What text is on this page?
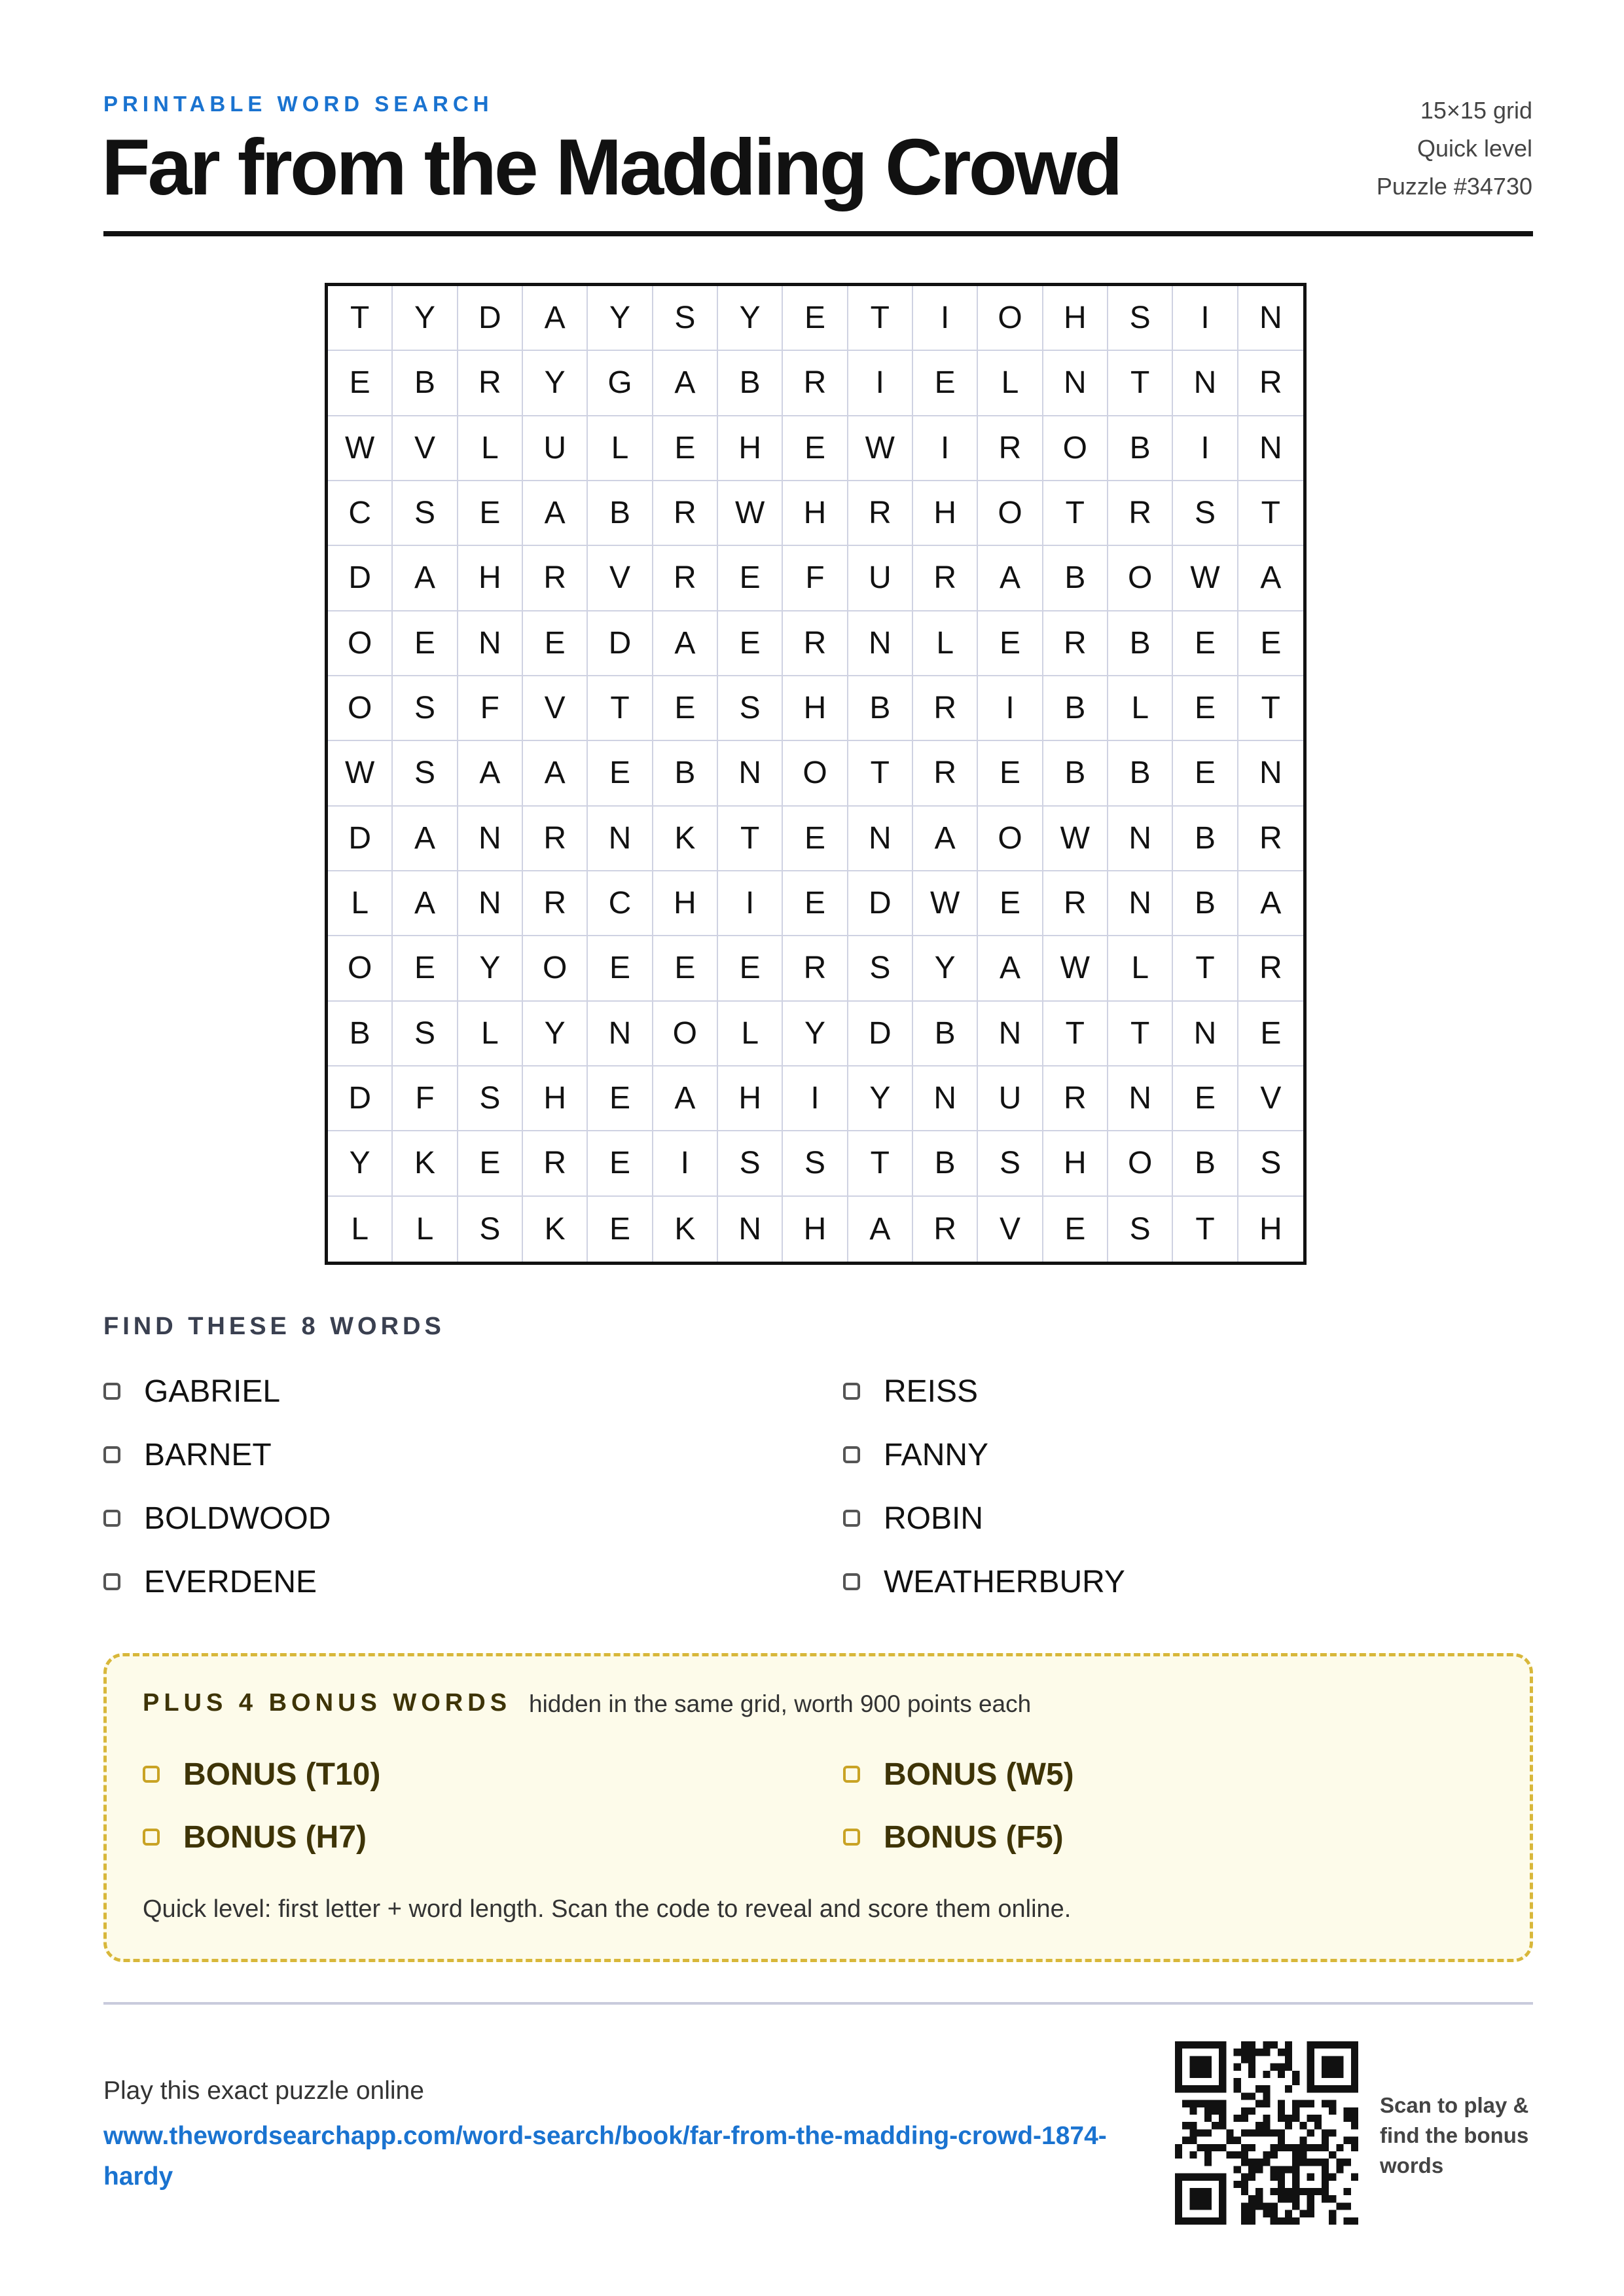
PRINTABLE WORD SEARCH
Far from the Madding Crowd
15×15 grid
Quick level
Puzzle #34730
T	Y	D	A	Y	S	Y	E	T	I	O	H	S	I	N
E	B	R	Y	G	A	B	R	I	E	L	N	T	N	R
W	V	L	U	L	E	H	E	W	I	R	O	B	I	N
C	S	E	A	B	R	W	H	R	H	O	T	R	S	T
D	A	H	R	V	R	E	F	U	R	A	B	O	W	A
O	E	N	E	D	A	E	R	N	L	E	R	B	E	E
O	S	F	V	T	E	S	H	B	R	I	B	L	E	T
W	S	A	A	E	B	N	O	T	R	E	B	B	E	N
D	A	N	R	N	K	T	E	N	A	O	W	N	B	R
L	A	N	R	C	H	I	E	D	W	E	R	N	B	A
O	E	Y	O	E	E	E	R	S	Y	A	W	L	T	R
B	S	L	Y	N	O	L	Y	D	B	N	T	T	N	E
D	F	S	H	E	A	H	I	Y	N	U	R	N	E	V
Y	K	E	R	E	I	S	S	T	B	S	H	O	B	S
L	L	S	K	E	K	N	H	A	R	V	E	S	T	H
FIND THESE 8 WORDS
GABRIEL	REISS
BARNET	FANNY
BOLDWOOD	ROBIN
EVERDENE	WEATHERBURY
PLUS 4 BONUS WORDS hidden in the same grid, worth 900 points each
BONUS (T10)	BONUS (W5)
BONUS (H7)	BONUS (F5)
Quick level: first letter + word length. Scan the code to reveal and score them online.
Play this exact puzzle online
www.thewordsearchapp.com/word-search/book/far-from-the-madding-crowd-1874-hardy
Scan to play & find the bonus words
